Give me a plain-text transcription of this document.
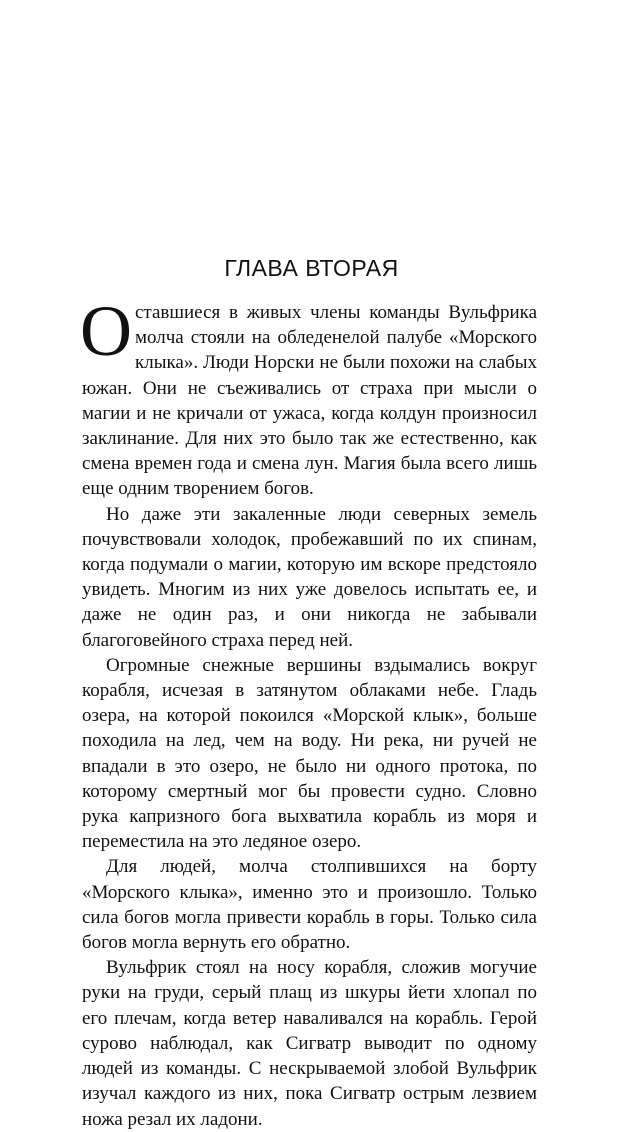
ГЛАВА ВТОРАЯ

Оставшиеся в живых члены команды Вульфрика молча стояли на обледенелой палубе «Морского клыка». Люди Норски не были похожи на слабых южан. Они не съеживались от страха при мысли о магии и не кричали от ужаса, когда колдун произносил заклинание. Для них это было так же естественно, как смена времен года и смена лун. Магия была всего лишь еще одним творением богов.

Но даже эти закаленные люди северных земель почувствовали холодок, пробежавший по их спинам, когда подумали о магии, которую им вскоре предстояло увидеть. Многим из них уже довелось испытать ее, и даже не один раз, и они никогда не забывали благоговейного страха перед ней.

Огромные снежные вершины вздымались вокруг корабля, исчезая в затянутом облаками небе. Гладь озера, на которой покоился «Морской клык», больше походила на лед, чем на воду. Ни река, ни ручей не впадали в это озеро, не было ни одного протока, по которому смертный мог бы провести судно. Словно рука капризного бога выхватила корабль из моря и переместила на это ледяное озеро.

Для людей, молча столпившихся на борту «Морского клыка», именно это и произошло. Только сила богов могла привести корабль в горы. Только сила богов могла вернуть его обратно.

Вульфрик стоял на носу корабля, сложив могучие руки на груди, серый плащ из шкуры йети хлопал по его плечам, когда ветер наваливался на корабль. Герой сурово наблюдал, как Сигватр выводит по одному людей из команды. С нескрываемой злобой Вульфрик изучал каждого из них, пока Сигватр острым лезвием ножа резал их ладони.
